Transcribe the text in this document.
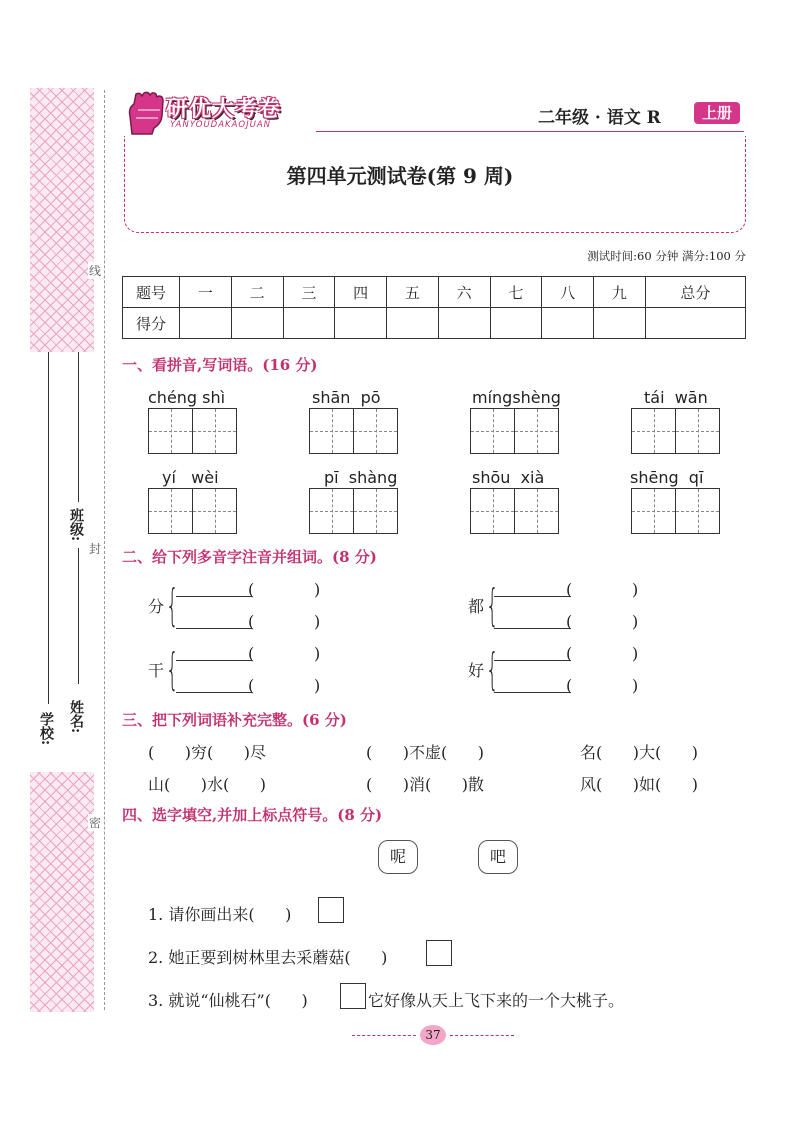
线
封
密
班级:
姓名:
学校:
研优大考卷
YANYOUDAKAOJUAN	二年级 · 语文 R	上册
第四单元测试卷(第 9 周)
测试时间:60 分钟 满分:100 分
题号	一	二	三	四	五	六	七	八	九	总分
得分										
一、看拼音,写词语。(16 分)
chéng shì	shān  pō	míngshèng	tái  wān
yí   wèi	pī  shàng	shōu  xià	shēng  qī
二、给下列多音字注音并组词。(8 分)
分 {	(	)
(	)
都 {	(	)
(	)
干 {	(	)
(	)
好 {	(	)
(	)
三、把下列词语补充完整。(6 分)
(      )穷(      )尽	(      )不虚(      )	名(      )大(      )
山(      )水(      )	(      )消(      )散	风(      )如(      )
四、选字填空,并加上标点符号。(8 分)
呢	吧
1. 请你画出来(      )
2. 她正要到树林里去采蘑菇(      )
3. 就说“仙桃石”(      )	它好像从天上飞下来的一个大桃子。
37
